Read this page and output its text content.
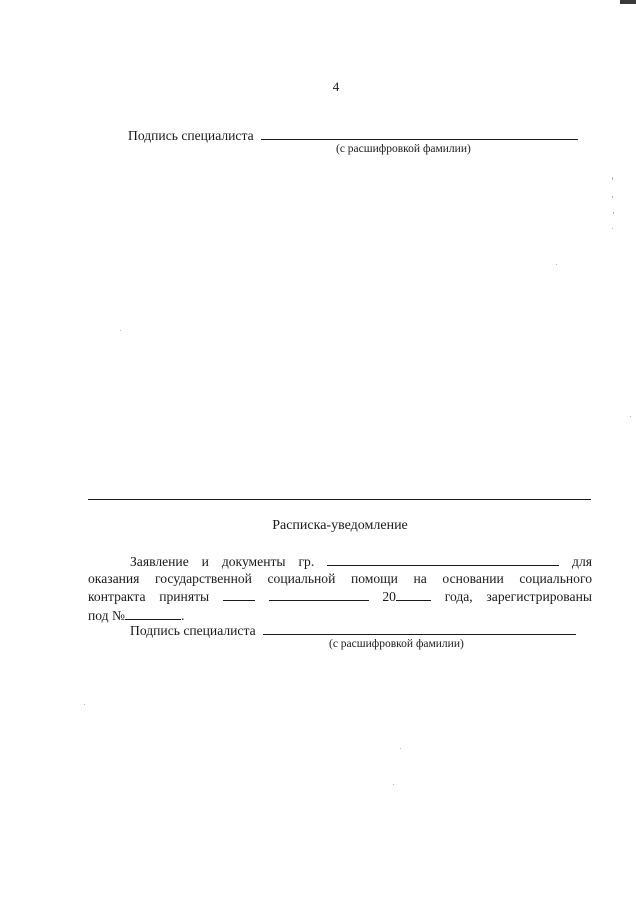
4
Подпись специалиста
(с расшифровкой фамилии)
Расписка-уведомление
Заявление и документы гр.	для
оказания государственной социальной помощи на основании социального
контракта приняты	20	года, зарегистрированы
под №	.
Подпись специалиста
(с расшифровкой фамилии)
